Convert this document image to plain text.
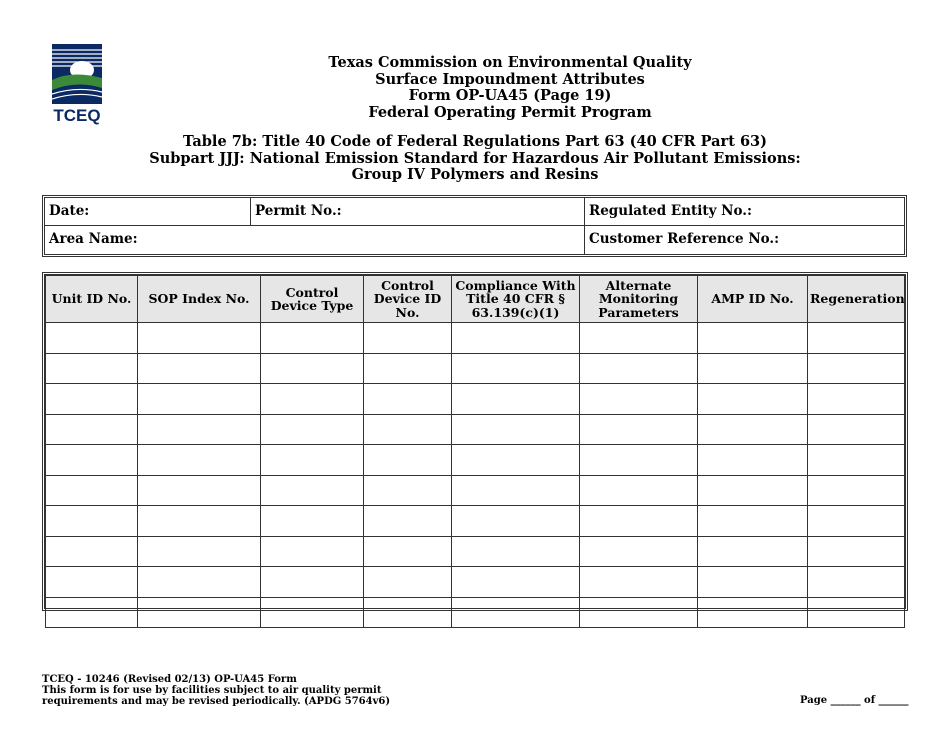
TCEQ
Texas Commission on Environmental Quality
Surface Impoundment Attributes
Form OP-UA45 (Page 19)
Federal Operating Permit Program
Table 7b: Title 40 Code of Federal Regulations Part 63 (40 CFR Part 63)
Subpart JJJ: National Emission Standard for Hazardous Air Pollutant Emissions:
Group IV Polymers and Resins
Date:	Permit No.:	Regulated Entity No.:
Area Name:	Customer Reference No.:
Unit ID No.	SOP Index No.	Control Device Type	Control Device ID No.	Compliance With Title 40 CFR § 63.139(c)(1)	Alternate Monitoring Parameters	AMP ID No.	Regeneration

TCEQ - 10246 (Revised 02/13) OP-UA45 Form
This form is for use by facilities subject to air quality permit
requirements and may be revised periodically. (APDG 5764v6)	Page ______ of ______
